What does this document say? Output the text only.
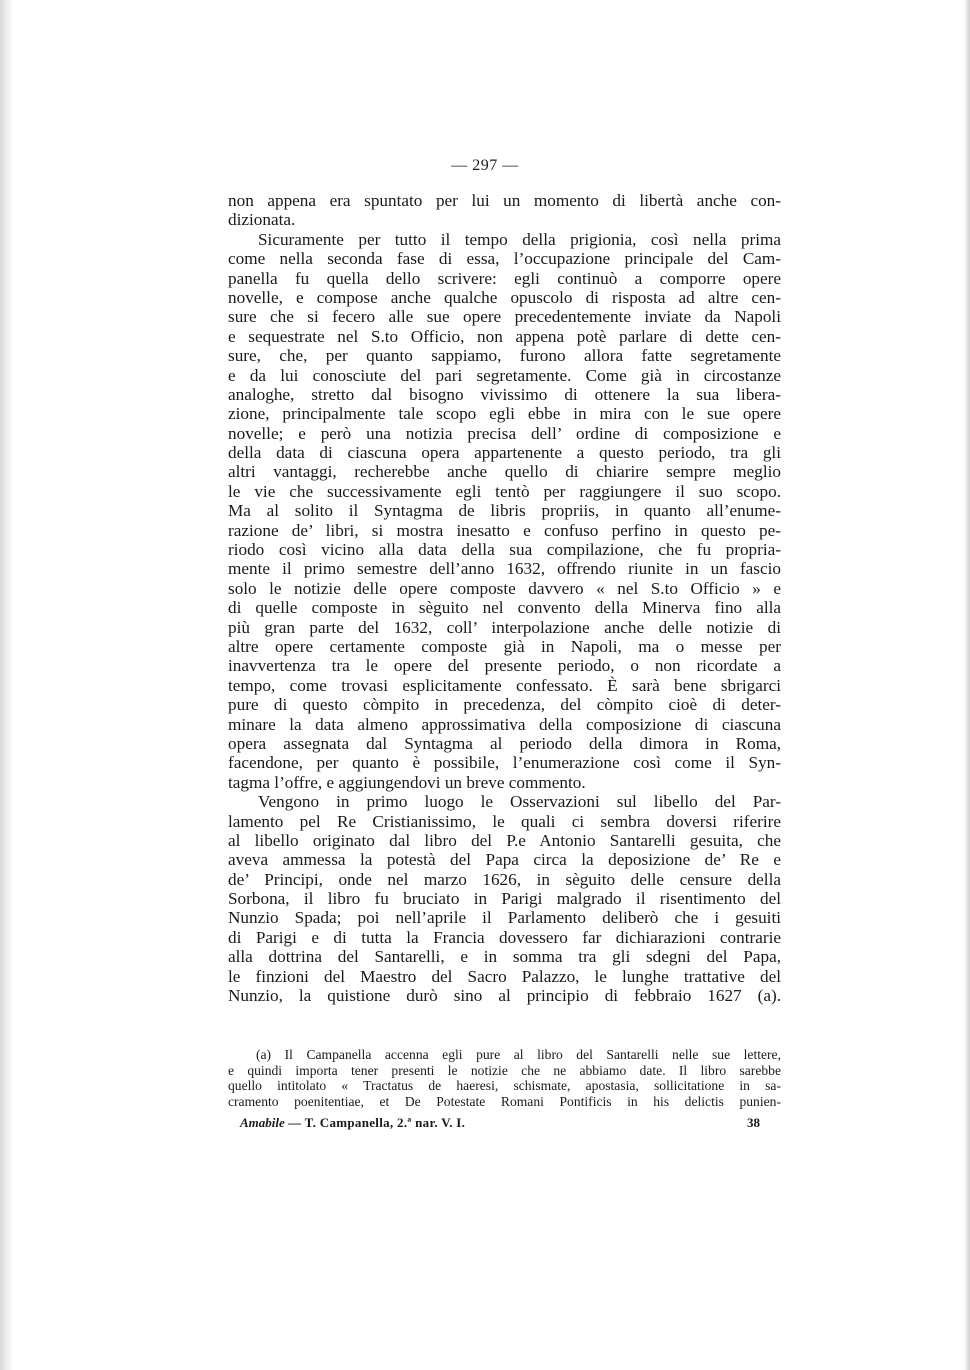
— 297 —
non appena era spuntato per lui un momento di libertà anche con-
dizionata.
Sicuramente per tutto il tempo della prigionia, così nella prima
come nella seconda fase di essa, l’occupazione principale del Cam-
panella fu quella dello scrivere: egli continuò a comporre opere
novelle, e compose anche qualche opuscolo di risposta ad altre cen-
sure che si fecero alle sue opere precedentemente inviate da Napoli
e sequestrate nel S.to Officio, non appena potè parlare di dette cen-
sure, che, per quanto sappiamo, furono allora fatte segretamente
e da lui conosciute del pari segretamente. Come già in circostanze
analoghe, stretto dal bisogno vivissimo di ottenere la sua libera-
zione, principalmente tale scopo egli ebbe in mira con le sue opere
novelle; e però una notizia precisa dell’ ordine di composizione e
della data di ciascuna opera appartenente a questo periodo, tra gli
altri vantaggi, recherebbe anche quello di chiarire sempre meglio
le vie che successivamente egli tentò per raggiungere il suo scopo.
Ma al solito il Syntagma de libris propriis, in quanto all’enume-
razione de’ libri, si mostra inesatto e confuso perfino in questo pe-
riodo così vicino alla data della sua compilazione, che fu propria-
mente il primo semestre dell’anno 1632, offrendo riunite in un fascio
solo le notizie delle opere composte davvero « nel S.to Officio » e
di quelle composte in sèguito nel convento della Minerva fino alla
più gran parte del 1632, coll’ interpolazione anche delle notizie di
altre opere certamente composte già in Napoli, ma o messe per
inavvertenza tra le opere del presente periodo, o non ricordate a
tempo, come trovasi esplicitamente confessato. È sarà bene sbrigarci
pure di questo còmpito in precedenza, del còmpito cioè di deter-
minare la data almeno approssimativa della composizione di ciascuna
opera assegnata dal Syntagma al periodo della dimora in Roma,
facendone, per quanto è possibile, l’enumerazione così come il Syn-
tagma l’offre, e aggiungendovi un breve commento.
Vengono in primo luogo le Osservazioni sul libello del Par-
lamento pel Re Cristianissimo, le quali ci sembra doversi riferire
al libello originato dal libro del P.e Antonio Santarelli gesuita, che
aveva ammessa la potestà del Papa circa la deposizione de’ Re e
de’ Principi, onde nel marzo 1626, in sèguito delle censure della
Sorbona, il libro fu bruciato in Parigi malgrado il risentimento del
Nunzio Spada; poi nell’aprile il Parlamento deliberò che i gesuiti
di Parigi e di tutta la Francia dovessero far dichiarazioni contrarie
alla dottrina del Santarelli, e in somma tra gli sdegni del Papa,
le finzioni del Maestro del Sacro Palazzo, le lunghe trattative del
Nunzio, la quistione durò sino al principio di febbraio 1627 (a).
(a) Il Campanella accenna egli pure al libro del Santarelli nelle sue lettere,
e quindi importa tener presenti le notizie che ne abbiamo date. Il libro sarebbe
quello intitolato « Tractatus de haeresi, schismate, apostasia, sollicitatione in sa-
cramento poenitentiae, et De Potestate Romani Pontificis in his delictis punien-
Amabile — T. Campanella, 2.ª nar. V. I.	38
